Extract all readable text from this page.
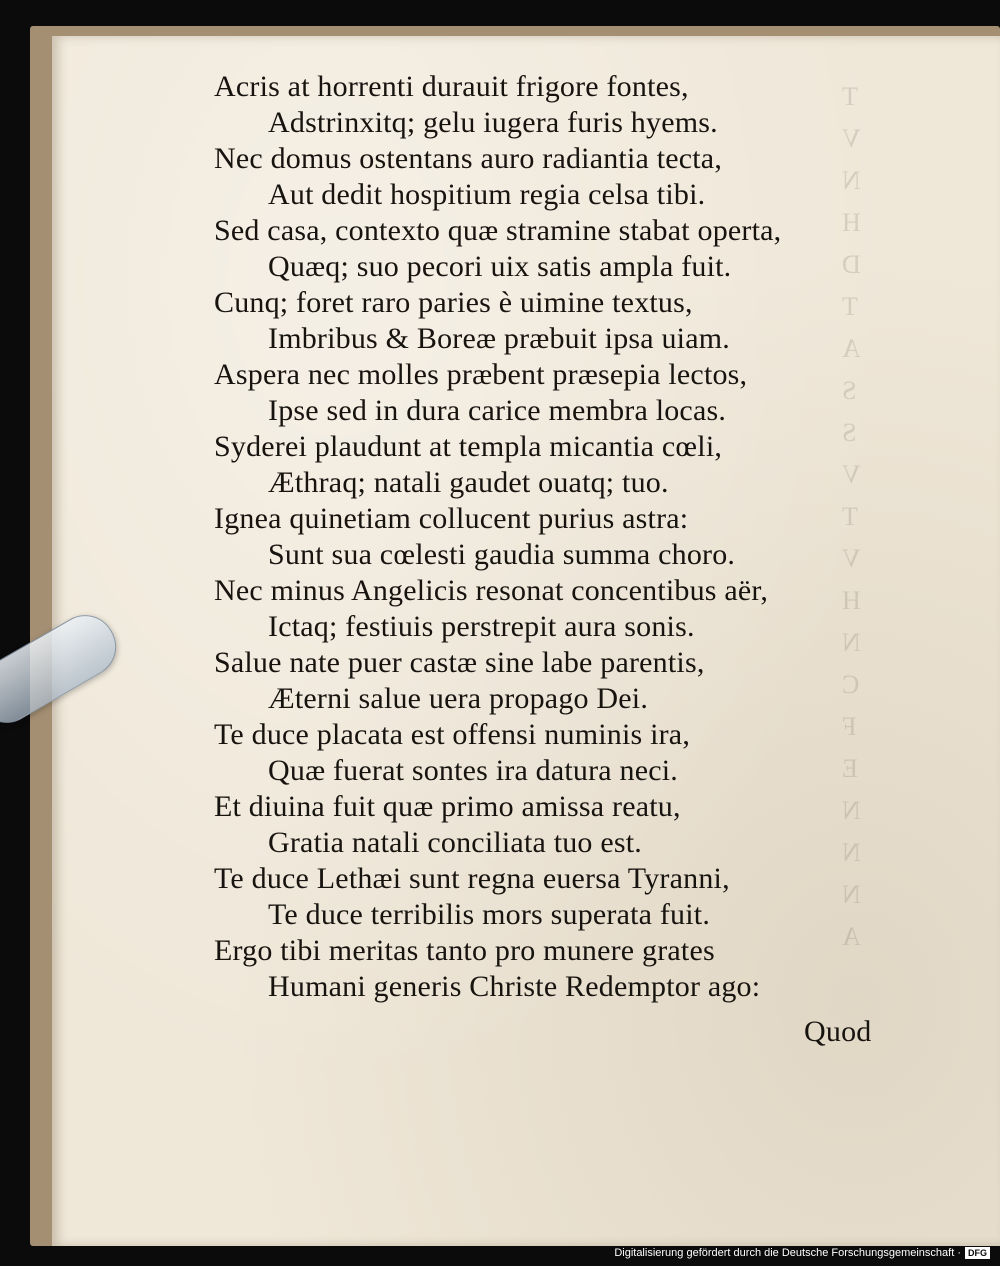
T
V
N
H
D
T
A
S
S
V
T
V
H
N
C
F
E
N
N
N
A
Acris at horrenti durauit frigore fontes,
Adstrinxitq; gelu iugera furis hyems.
Nec domus ostentans auro radiantia tecta,
Aut dedit hospitium regia celsa tibi.
Sed casa, contexto quæ stramine stabat operta,
Quæq; suo pecori uix satis ampla fuit.
Cunq; foret raro paries è uimine textus,
Imbribus & Boreæ præbuit ipsa uiam.
Aspera nec molles præbent præsepia lectos,
Ipse sed in dura carice membra locas.
Syderei plaudunt at templa micantia cœli,
Æthraq; natali gaudet ouatq; tuo.
Ignea quinetiam collucent purius astra:
Sunt sua cœlesti gaudia summa choro.
Nec minus Angelicis resonat concentibus aër,
Ictaq; festiuis perstrepit aura sonis.
Salue nate puer castæ sine labe parentis,
Æterni salue uera propago Dei.
Te duce placata est offensi numinis ira,
Quæ fuerat sontes ira datura neci.
Et diuina fuit quæ primo amissa reatu,
Gratia natali conciliata tuo est.
Te duce Lethæi sunt regna euersa Tyranni,
Te duce terribilis mors superata fuit.
Ergo tibi meritas tanto pro munere grates
Humani generis Christe Redemptor ago:
Quod
Digitalisierung gefördert durch die Deutsche Forschungsgemeinschaft · DFG
